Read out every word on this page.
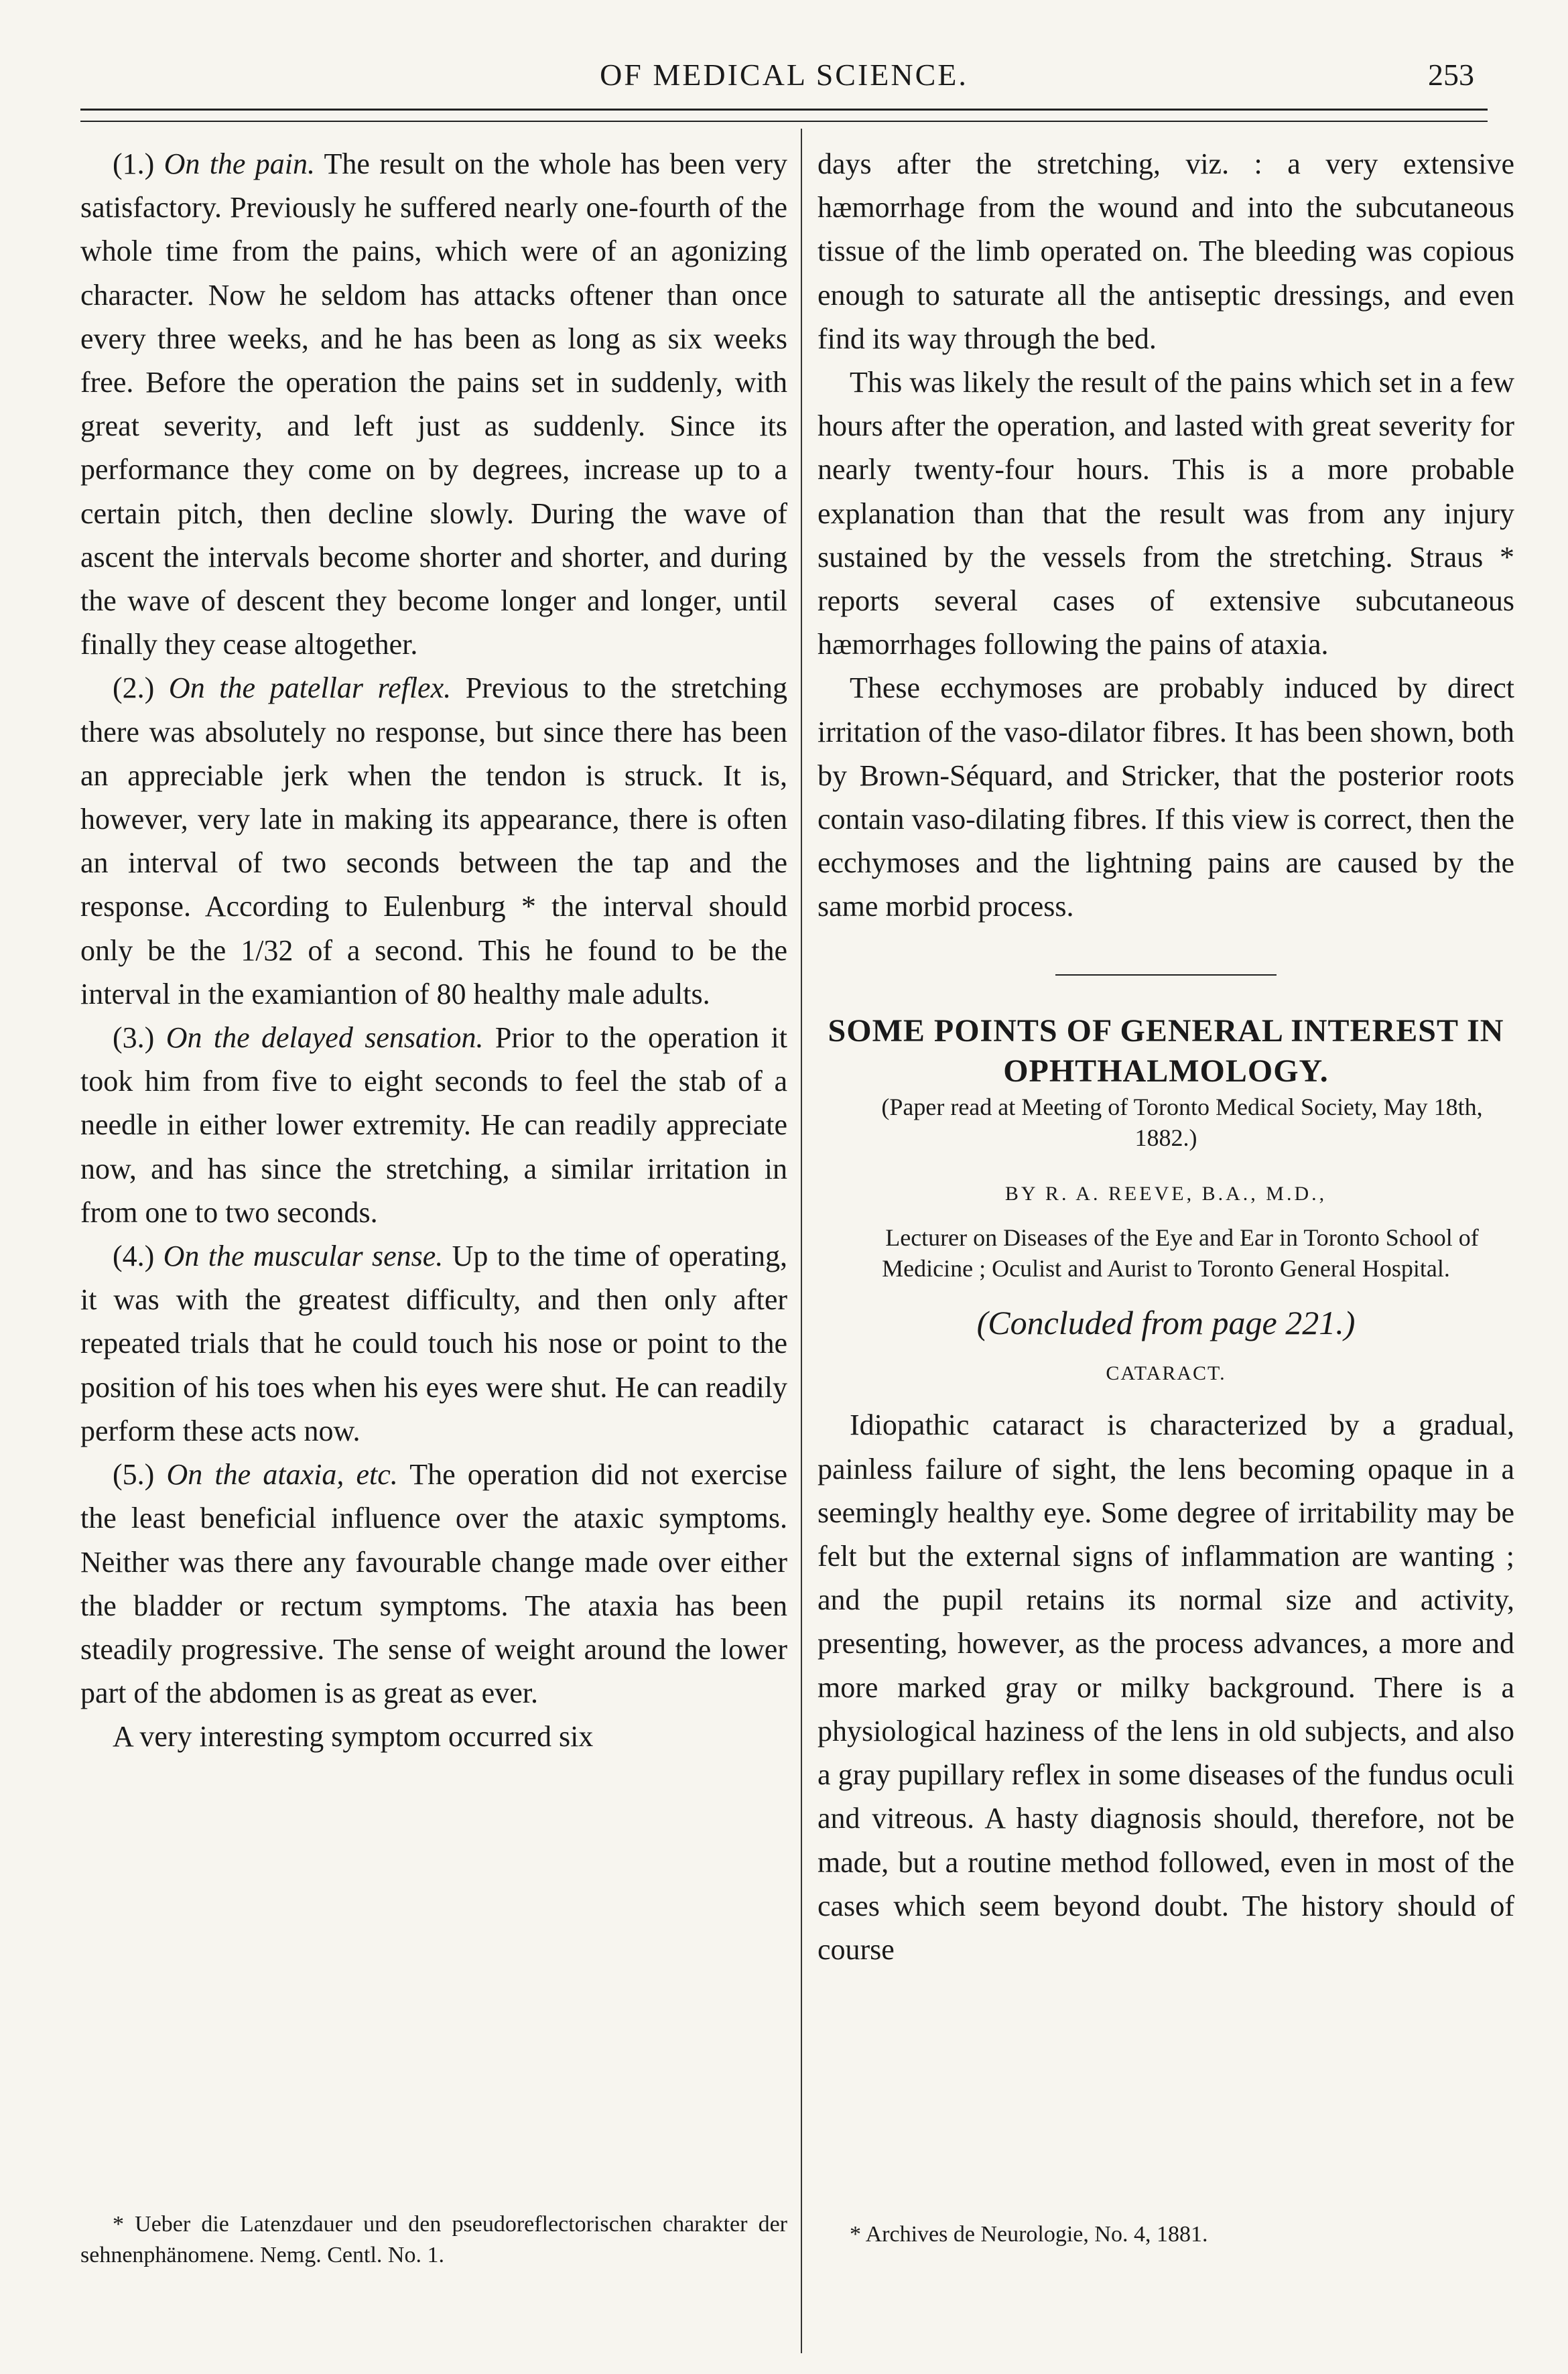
OF MEDICAL SCIENCE.	253

(1.) On the pain. The result on the whole has been very satisfactory. Previously he suffered nearly one-fourth of the whole time from the pains, which were of an agonizing character. Now he seldom has attacks oftener than once every three weeks, and he has been as long as six weeks free. Before the operation the pains set in suddenly, with great severity, and left just as suddenly. Since its performance they come on by degrees, increase up to a certain pitch, then decline slowly. During the wave of ascent the intervals become shorter and shorter, and during the wave of descent they become longer and longer, until finally they cease altogether.

(2.) On the patellar reflex. Previous to the stretching there was absolutely no response, but since there has been an appreciable jerk when the tendon is struck. It is, however, very late in making its appearance, there is often an interval of two seconds between the tap and the response. According to Eulenburg * the interval should only be the 1/32 of a second. This he found to be the interval in the examiantion of 80 healthy male adults.

(3.) On the delayed sensation. Prior to the operation it took him from five to eight seconds to feel the stab of a needle in either lower extremity. He can readily appreciate now, and has since the stretching, a similar irritation in from one to two seconds.

(4.) On the muscular sense. Up to the time of operating, it was with the greatest difficulty, and then only after repeated trials that he could touch his nose or point to the position of his toes when his eyes were shut. He can readily perform these acts now.

(5.) On the ataxia, etc. The operation did not exercise the least beneficial influence over the ataxic symptoms. Neither was there any favourable change made over either the bladder or rectum symptoms. The ataxia has been steadily progressive. The sense of weight around the lower part of the abdomen is as great as ever.

A very interesting symptom occurred six

* Ueber die Latenzdauer und den pseudoreflectorischen charakter der sehnenphänomene. Nemg. Centl. No. 1.

days after the stretching, viz. : a very extensive hæmorrhage from the wound and into the subcutaneous tissue of the limb operated on. The bleeding was copious enough to saturate all the antiseptic dressings, and even find its way through the bed.

This was likely the result of the pains which set in a few hours after the operation, and lasted with great severity for nearly twenty-four hours. This is a more probable explanation than that the result was from any injury sustained by the vessels from the stretching. Straus * reports several cases of extensive subcutaneous hæmorrhages following the pains of ataxia.

These ecchymoses are probably induced by direct irritation of the vaso-dilator fibres. It has been shown, both by Brown-Séquard, and Stricker, that the posterior roots contain vaso-dilating fibres. If this view is correct, then the ecchymoses and the lightning pains are caused by the same morbid process.

SOME POINTS OF GENERAL INTEREST IN OPHTHALMOLOGY.

(Paper read at Meeting of Toronto Medical Society, May 18th, 1882.)

BY R. A. REEVE, B.A., M.D.,

Lecturer on Diseases of the Eye and Ear in Toronto School of Medicine ; Oculist and Aurist to Toronto General Hospital.

(Concluded from page 221.)
CATARACT.

Idiopathic cataract is characterized by a gradual, painless failure of sight, the lens becoming opaque in a seemingly healthy eye. Some degree of irritability may be felt but the external signs of inflammation are wanting ; and the pupil retains its normal size and activity, presenting, however, as the process advances, a more and more marked gray or milky background. There is a physiological haziness of the lens in old subjects, and also a gray pupillary reflex in some diseases of the fundus oculi and vitreous. A hasty diagnosis should, therefore, not be made, but a routine method followed, even in most of the cases which seem beyond doubt. The history should of course

* Archives de Neurologie, No. 4, 1881.
